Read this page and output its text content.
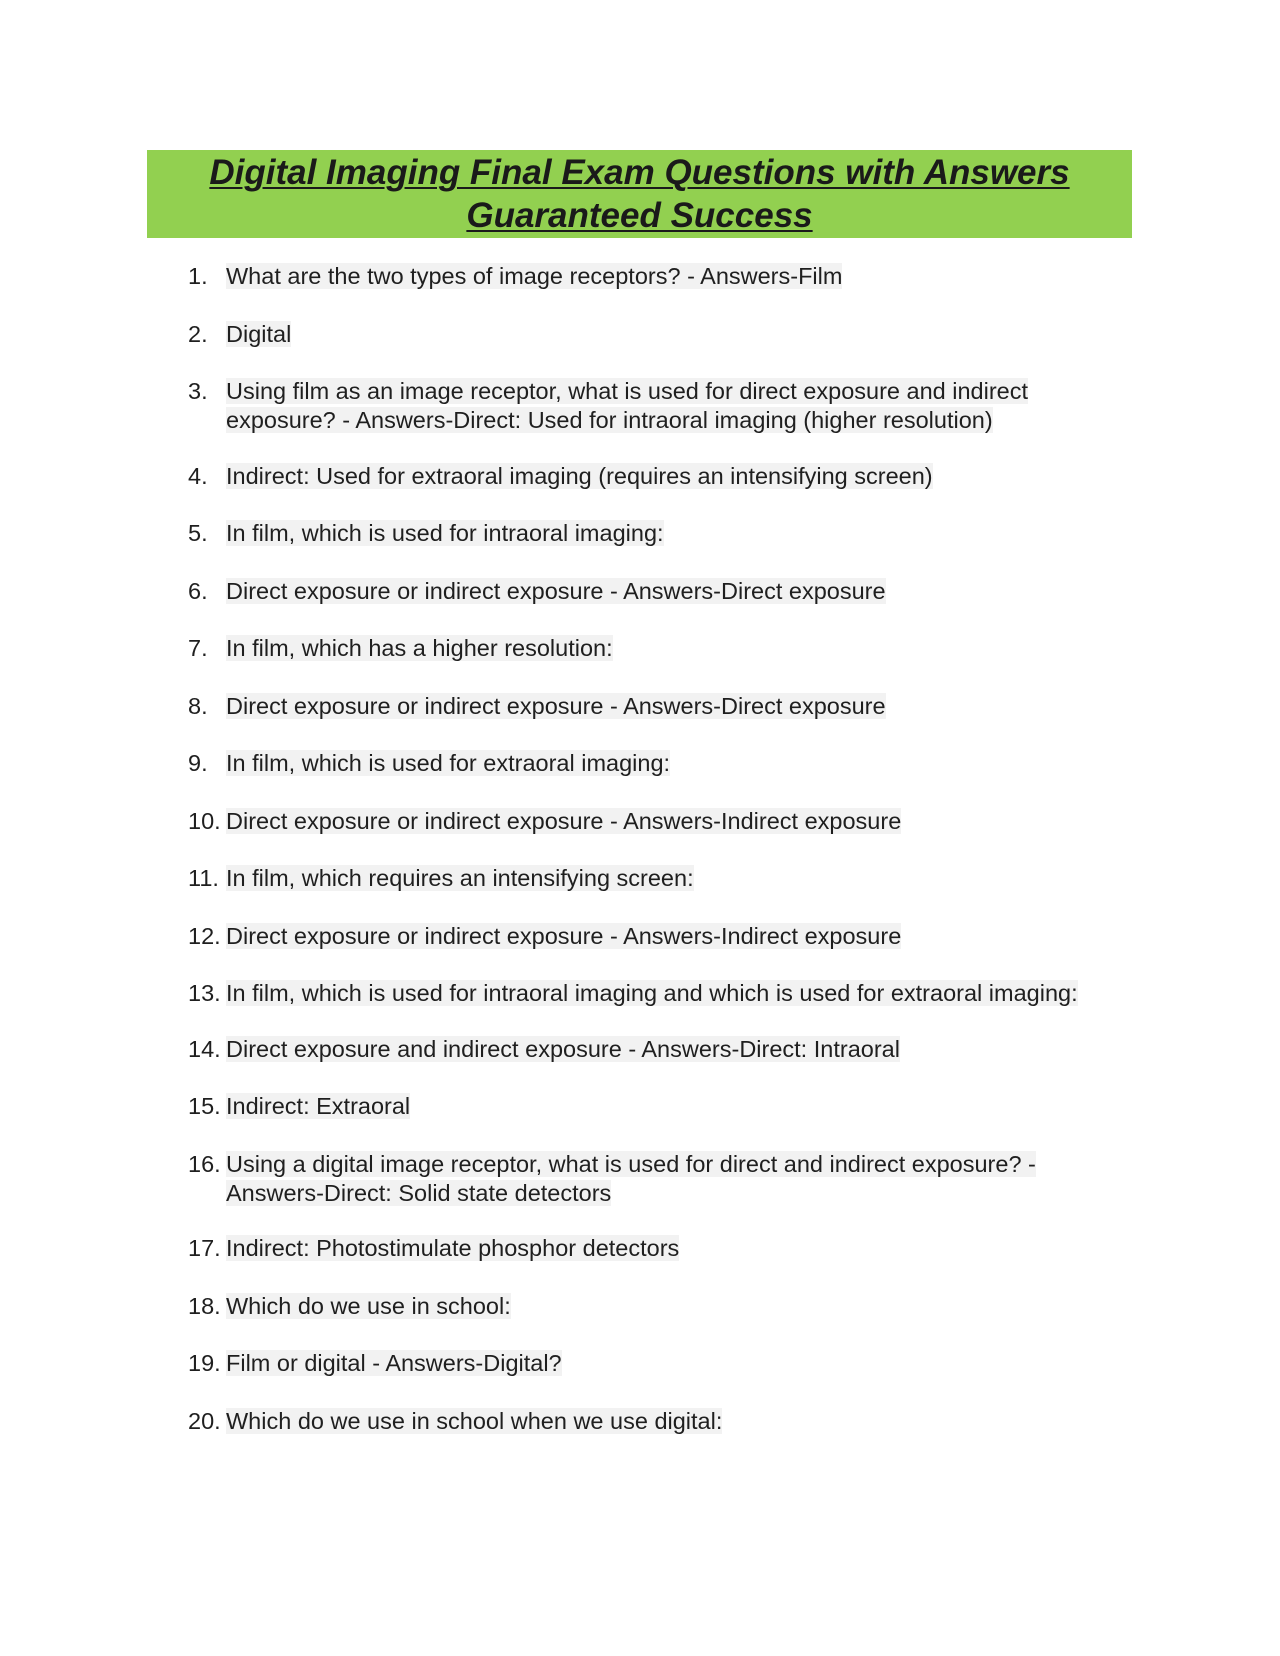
Digital Imaging Final Exam Questions with Answers
Guaranteed Success
1. What are the two types of image receptors? - Answers-Film
2. Digital
3. Using film as an image receptor, what is used for direct exposure and indirect exposure? - Answers-Direct: Used for intraoral imaging (higher resolution)
4. Indirect: Used for extraoral imaging (requires an intensifying screen)
5. In film, which is used for intraoral imaging:
6. Direct exposure or indirect exposure - Answers-Direct exposure
7. In film, which has a higher resolution:
8. Direct exposure or indirect exposure - Answers-Direct exposure
9. In film, which is used for extraoral imaging:
10. Direct exposure or indirect exposure - Answers-Indirect exposure
11. In film, which requires an intensifying screen:
12. Direct exposure or indirect exposure - Answers-Indirect exposure
13. In film, which is used for intraoral imaging and which is used for extraoral imaging:
14. Direct exposure and indirect exposure - Answers-Direct: Intraoral
15. Indirect: Extraoral
16. Using a digital image receptor, what is used for direct and indirect exposure? - Answers-Direct: Solid state detectors
17. Indirect: Photostimulate phosphor detectors
18. Which do we use in school:
19. Film or digital - Answers-Digital?
20. Which do we use in school when we use digital:
